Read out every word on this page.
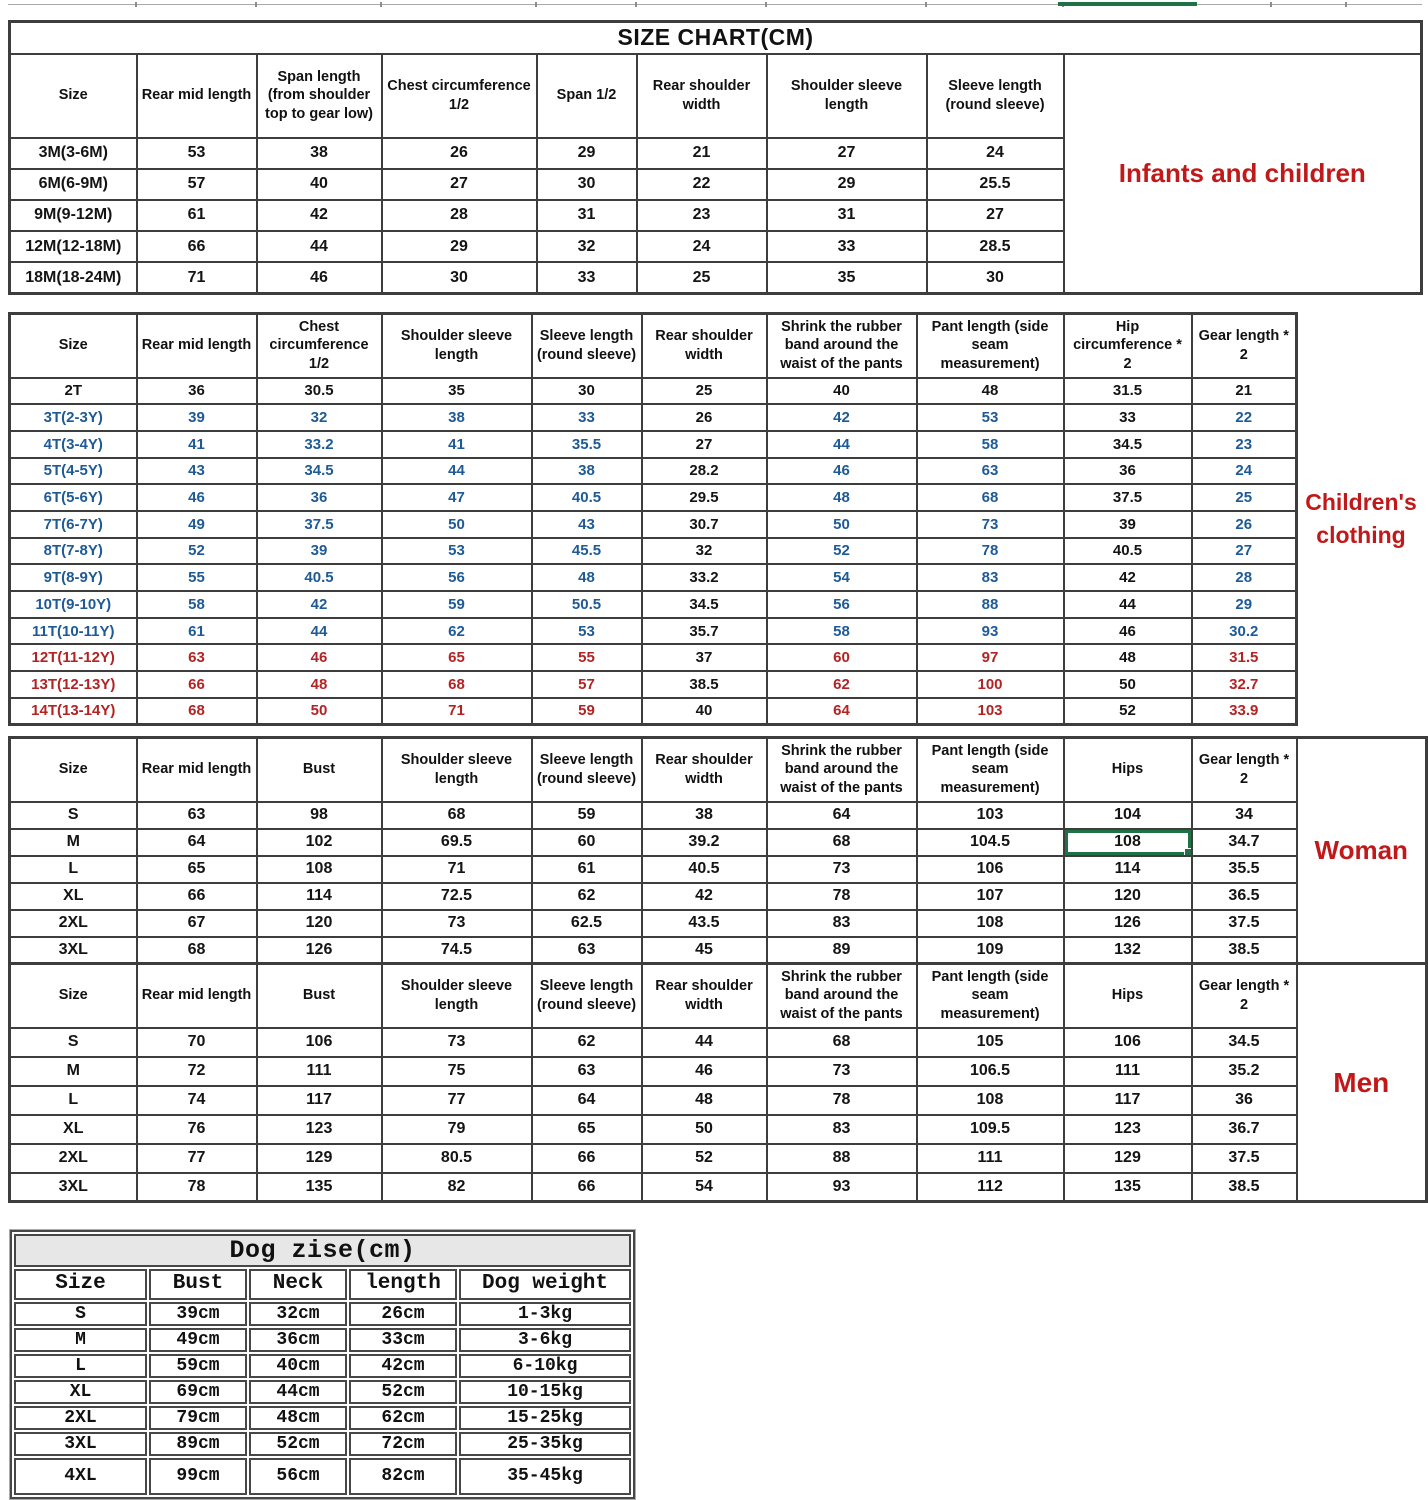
SIZE CHART(CM)								
Size	Rear mid length	Span length (from shoulder top to gear low)	Chest circumference 1/2	Span 1/2	Rear shoulder width	Shoulder sleeve length	Sleeve length (round sleeve)	Infants and children
3M(3-6M)	53	38	26	29	21	27	24	
6M(6-9M)	57	40	27	30	22	29	25.5	
9M(9-12M)	61	42	28	31	23	31	27	
12M(12-18M)	66	44	29	32	24	33	28.5	
18M(18-24M)	71	46	30	33	25	35	30	
Size	Rear mid length	Chest circumference 1/2	Shoulder sleeve length	Sleeve length (round sleeve)	Rear shoulder width	Shrink the rubber band around the waist of the pants	Pant length (side seam measurement)	Hip circumference * 2	Gear length * 2
2T	36	30.5	35	30	25	40	48	31.5	21
3T(2-3Y)	39	32	38	33	26	42	53	33	22
4T(3-4Y)	41	33.2	41	35.5	27	44	58	34.5	23
5T(4-5Y)	43	34.5	44	38	28.2	46	63	36	24
6T(5-6Y)	46	36	47	40.5	29.5	48	68	37.5	25
7T(6-7Y)	49	37.5	50	43	30.7	50	73	39	26
8T(7-8Y)	52	39	53	45.5	32	52	78	40.5	27
9T(8-9Y)	55	40.5	56	48	33.2	54	83	42	28
10T(9-10Y)	58	42	59	50.5	34.5	56	88	44	29
11T(10-11Y)	61	44	62	53	35.7	58	93	46	30.2
12T(11-12Y)	63	46	65	55	37	60	97	48	31.5
13T(12-13Y)	66	48	68	57	38.5	62	100	50	32.7
14T(13-14Y)	68	50	71	59	40	64	103	52	33.9
Children's clothing
Size	Rear mid length	Bust	Shoulder sleeve length	Sleeve length (round sleeve)	Rear shoulder width	Shrink the rubber band around the waist of the pants	Pant length (side seam measurement)	Hips	Gear length * 2	Woman
S	63	98	68	59	38	64	103	104	34	
M	64	102	69.5	60	39.2	68	104.5	108	34.7	
L	65	108	71	61	40.5	73	106	114	35.5	
XL	66	114	72.5	62	42	78	107	120	36.5	
2XL	67	120	73	62.5	43.5	83	108	126	37.5	
3XL	68	126	74.5	63	45	89	109	132	38.5	
Size	Rear mid length	Bust	Shoulder sleeve length	Sleeve length (round sleeve)	Rear shoulder width	Shrink the rubber band around the waist of the pants	Pant length (side seam measurement)	Hips	Gear length * 2	Men
S	70	106	73	62	44	68	105	106	34.5	
M	72	111	75	63	46	73	106.5	111	35.2	
L	74	117	77	64	48	78	108	117	36	
XL	76	123	79	65	50	83	109.5	123	36.7	
2XL	77	129	80.5	66	52	88	111	129	37.5	
3XL	78	135	82	66	54	93	112	135	38.5	
Dog zise(cm)				
Size	Bust	Neck	length	Dog weight
S	39cm	32cm	26cm	1-3kg
M	49cm	36cm	33cm	3-6kg
L	59cm	40cm	42cm	6-10kg
XL	69cm	44cm	52cm	10-15kg
2XL	79cm	48cm	62cm	15-25kg
3XL	89cm	52cm	72cm	25-35kg
4XL	99cm	56cm	82cm	35-45kg
